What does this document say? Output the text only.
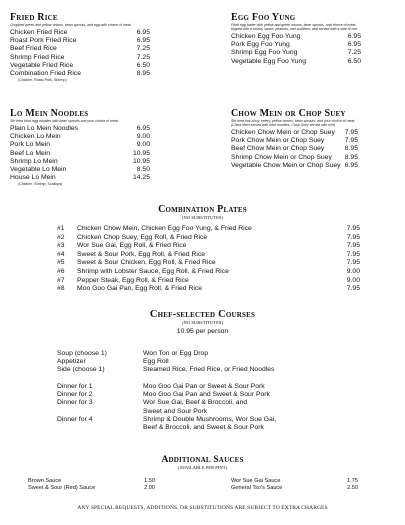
Fried Rice
Chopped green and yellow onions, bean sprouts, and egg with choice of meat
Chicken Fried Rice	6.95
Roast Pork Fried Rice	6.95
Beef Fried Rice	7.25
Shrimp Fried Rice	7.25
Vegetable Fried Rice	6.50
Combination Fried Rice	8.95
(Chicken, Roast Pork, Shrimp)
Egg Foo Yung
Fried egg batter with yellow and green onions, bean sprouts, and choice of meat, topped with a savory sauce, peanuts, and scallions; and served with a side of rice
Chicken Egg Foo Yung	6.95
Pork Egg Foo Yung	6.95
Shrimp Egg Foo Yung	7.25
Vegetable Egg Foo Yung	6.50
Lo Mein Noodles
Stir fried thick egg noodles with bean sprouts and your choice of meat
Plain Lo Mein Noodles	6.95
Chicken Lo Mein	9.00
Pork Lo Mein	9.00
Beef Lo Mein	10.95
Shrimp Lo Mein	10.95
Vegetable Lo Mein	8.50
House Lo Mein	14.25
(Chicken, Shrimp, Scallops)
Chow Mein or Chop Suey
Stir fried bok-choy, celery, yellow onions, bean sprouts, and your choice of meat (Chow Mein served with fried noodles, Chop Suey served with rice)
Chicken Chow Mein or Chop Suey 7.95
Pork Chow Mein or Chop Suey	7.95
Beef Chow Mein or Chop Suey	8.95
Shrimp Chow Mein or Chop Suey 8.95
Vegetable Chow Mein or Chop Suey 6.95
Combination Plates
(NO SUBSTITUTES)
#1 Chicken Chow Mein, Chicken Egg Foo Yung, & Fried Rice	7.95
#2 Chicken Chop Suey, Egg Roll, & Fried Rice	7.95
#3 Wor Sue Gai, Egg Roll, & Fried Rice	7.95
#4 Sweet & Sour Pork, Egg Roll, & Fried Rice	7.95
#5 Sweet & Sour Chicken, Egg Roll, & Fried Rice	7.95
#6 Shrimp with Lobster Sauce, Egg Roll, & Fried Rice	9.00
#7 Pepper Steak, Egg Roll, & Fried Rice	9.00
#8 Moo Goo Gai Pan, Egg Roll, & Fried Rice	7.95
Chef-selected Courses
(NO SUBSTITUTES)
10.95 per person
Soup (choose 1)	Won Ton or Egg Drop
Appetizer	Egg Roll
Side (choose 1)	Steamed Rice, Fried Rice, or Fried Noodles
Dinner for 1	Moo Goo Gai Pan or Sweet & Sour Pork
Dinner for 2	Moo Goo Gai Pan and Sweet & Sour Pork
Dinner for 3	Wor Sue Gai, Beef & Broccoli, and
Sweet and Sour Pork
Dinner for 4	Shrimp & Double Mushrooms, Wor Sue Gai,
Beef & Broccoli, and Sweet & Sour Pork
Additional Sauces
(AVAILABLE PER PINT)
Brown Sauce	1.50
Sweet & Sour (Red) Sauce	2.00
Wor Sue Gai Sauce	1.75
General Tso's Sauce	2.50
ANY SPECIAL REQUESTS, ADDITIONS, OR SUBSTITUTIONS ARE SUBJECT TO EXTRA CHARGES
